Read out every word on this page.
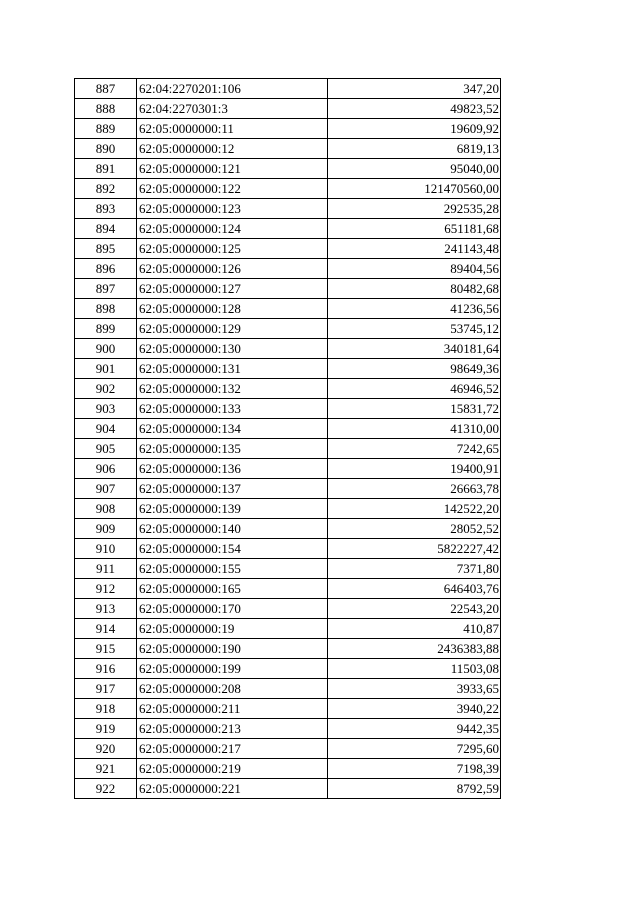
887	62:04:2270201:106	347,20
888	62:04:2270301:3	49823,52
889	62:05:0000000:11	19609,92
890	62:05:0000000:12	6819,13
891	62:05:0000000:121	95040,00
892	62:05:0000000:122	121470560,00
893	62:05:0000000:123	292535,28
894	62:05:0000000:124	651181,68
895	62:05:0000000:125	241143,48
896	62:05:0000000:126	89404,56
897	62:05:0000000:127	80482,68
898	62:05:0000000:128	41236,56
899	62:05:0000000:129	53745,12
900	62:05:0000000:130	340181,64
901	62:05:0000000:131	98649,36
902	62:05:0000000:132	46946,52
903	62:05:0000000:133	15831,72
904	62:05:0000000:134	41310,00
905	62:05:0000000:135	7242,65
906	62:05:0000000:136	19400,91
907	62:05:0000000:137	26663,78
908	62:05:0000000:139	142522,20
909	62:05:0000000:140	28052,52
910	62:05:0000000:154	5822227,42
911	62:05:0000000:155	7371,80
912	62:05:0000000:165	646403,76
913	62:05:0000000:170	22543,20
914	62:05:0000000:19	410,87
915	62:05:0000000:190	2436383,88
916	62:05:0000000:199	11503,08
917	62:05:0000000:208	3933,65
918	62:05:0000000:211	3940,22
919	62:05:0000000:213	9442,35
920	62:05:0000000:217	7295,60
921	62:05:0000000:219	7198,39
922	62:05:0000000:221	8792,59
